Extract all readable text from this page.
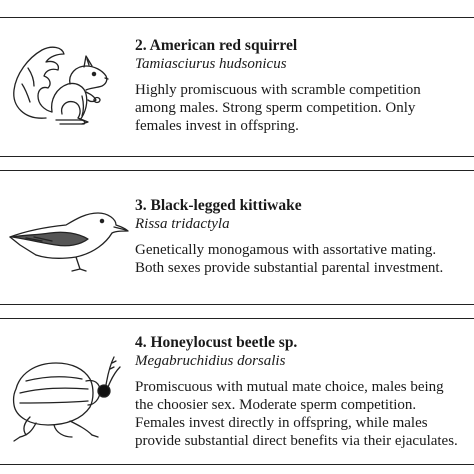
2. American red squirrel

Tamiasciurus hudsonicus

Highly promiscuous with scramble competition
among males. Strong sperm competition. Only
females invest in offspring.

3. Black-legged kittiwake

Rissa tridactyla

Genetically monogamous with assortative mating.
Both sexes provide substantial parental investment.

4. Honeylocust beetle sp.

Megabruchidius dorsalis

Promiscuous with mutual mate choice, males being
the choosier sex. Moderate sperm competition.
Females invest directly in offspring, while males
provide substantial direct benefits via their ejaculates.
